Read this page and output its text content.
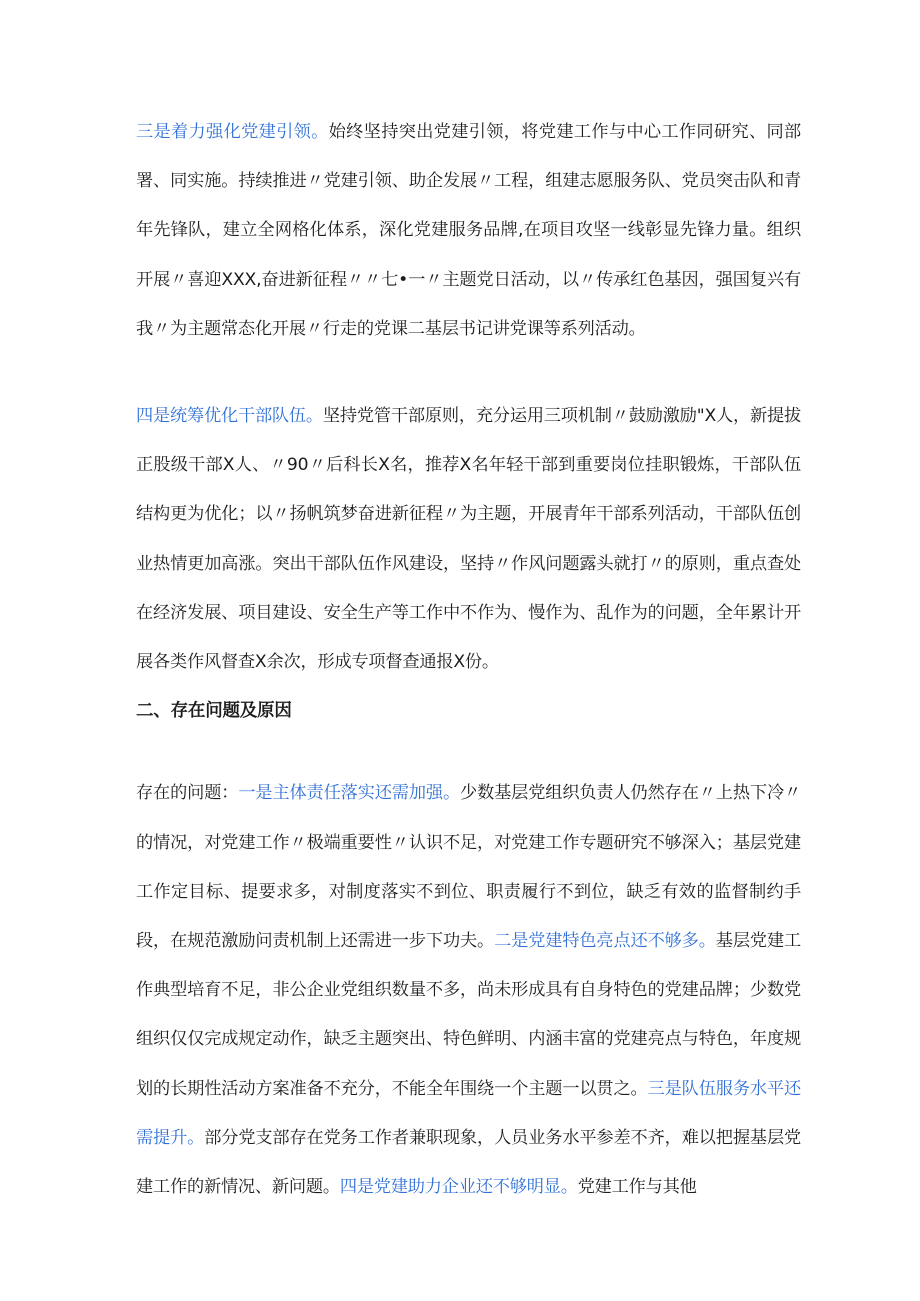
三是着力强化党建引领。始终坚持突出党建引领，将党建工作与中心工作同研究、同部署、同实施。持续推进〃党建引领、助企发展〃工程，组建志愿服务队、党员突击队和青年先锋队，建立全网格化体系，深化党建服务品牌,在项目攻坚一线彰显先锋力量。组织开展〃喜迎XXX,奋进新征程〃〃七•一〃主题党日活动，以〃传承红色基因，强国复兴有我〃为主题常态化开展〃行走的党课二基层书记讲党课等系列活动。

四是统筹优化干部队伍。坚持党管干部原则，充分运用三项机制〃鼓励激励"X人，新提拔正股级干部X人、〃90〃后科长X名，推荐X名年轻干部到重要岗位挂职锻炼，干部队伍结构更为优化；以〃扬帆筑梦奋进新征程〃为主题，开展青年干部系列活动，干部队伍创业热情更加高涨。突出干部队伍作风建设，坚持〃作风问题露头就打〃的原则，重点查处在经济发展、项目建设、安全生产等工作中不作为、慢作为、乱作为的问题，全年累计开展各类作风督查X余次，形成专项督查通报X份。

二、存在问题及原因

存在的问题：一是主体责任落实还需加强。少数基层党组织负责人仍然存在〃上热下冷〃的情况，对党建工作〃极端重要性〃认识不足，对党建工作专题研究不够深入；基层党建工作定目标、提要求多，对制度落实不到位、职责履行不到位，缺乏有效的监督制约手段，在规范激励问责机制上还需进一步下功夫。二是党建特色亮点还不够多。基层党建工作典型培育不足，非公企业党组织数量不多，尚未形成具有自身特色的党建品牌；少数党组织仅仅完成规定动作，缺乏主题突出、特色鲜明、内涵丰富的党建亮点与特色，年度规划的长期性活动方案准备不充分，不能全年围绕一个主题一以贯之。三是队伍服务水平还需提升。部分党支部存在党务工作者兼职现象，人员业务水平参差不齐，难以把握基层党建工作的新情况、新问题。四是党建助力企业还不够明显。党建工作与其他
